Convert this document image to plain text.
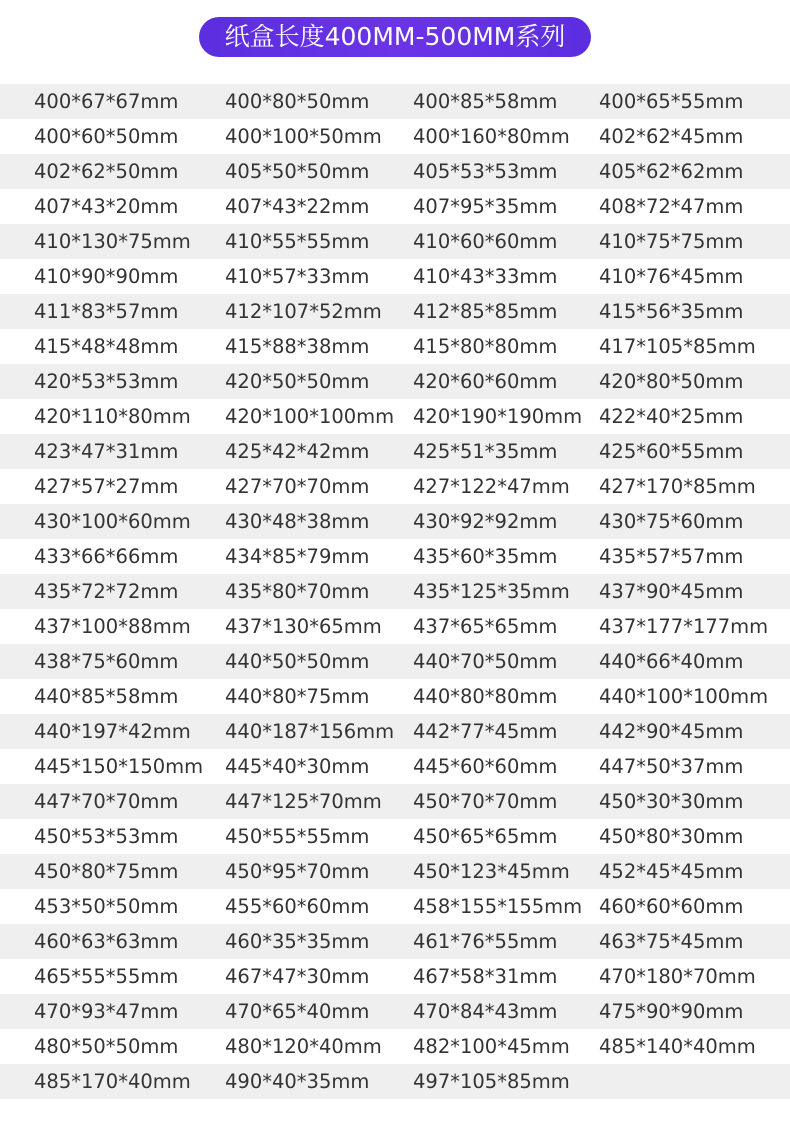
纸盒长度400MM-500MM系列
400*67*67mm 400*80*50mm 400*85*58mm 400*65*55mm
400*60*50mm 400*100*50mm 400*160*80mm 402*62*45mm
402*62*50mm 405*50*50mm 405*53*53mm 405*62*62mm
407*43*20mm 407*43*22mm 407*95*35mm 408*72*47mm
410*130*75mm 410*55*55mm 410*60*60mm 410*75*75mm
410*90*90mm 410*57*33mm 410*43*33mm 410*76*45mm
411*83*57mm 412*107*52mm 412*85*85mm 415*56*35mm
415*48*48mm 415*88*38mm 415*80*80mm 417*105*85mm
420*53*53mm 420*50*50mm 420*60*60mm 420*80*50mm
420*110*80mm 420*100*100mm 420*190*190mm 422*40*25mm
423*47*31mm 425*42*42mm 425*51*35mm 425*60*55mm
427*57*27mm 427*70*70mm 427*122*47mm 427*170*85mm
430*100*60mm 430*48*38mm 430*92*92mm 430*75*60mm
433*66*66mm 434*85*79mm 435*60*35mm 435*57*57mm
435*72*72mm 435*80*70mm 435*125*35mm 437*90*45mm
437*100*88mm 437*130*65mm 437*65*65mm 437*177*177mm
438*75*60mm 440*50*50mm 440*70*50mm 440*66*40mm
440*85*58mm 440*80*75mm 440*80*80mm 440*100*100mm
440*197*42mm 440*187*156mm 442*77*45mm 442*90*45mm
445*150*150mm 445*40*30mm 445*60*60mm 447*50*37mm
447*70*70mm 447*125*70mm 450*70*70mm 450*30*30mm
450*53*53mm 450*55*55mm 450*65*65mm 450*80*30mm
450*80*75mm 450*95*70mm 450*123*45mm 452*45*45mm
453*50*50mm 455*60*60mm 458*155*155mm 460*60*60mm
460*63*63mm 460*35*35mm 461*76*55mm 463*75*45mm
465*55*55mm 467*47*30mm 467*58*31mm 470*180*70mm
470*93*47mm 470*65*40mm 470*84*43mm 475*90*90mm
480*50*50mm 480*120*40mm 482*100*45mm 485*140*40mm
485*170*40mm 490*40*35mm 497*105*85mm
